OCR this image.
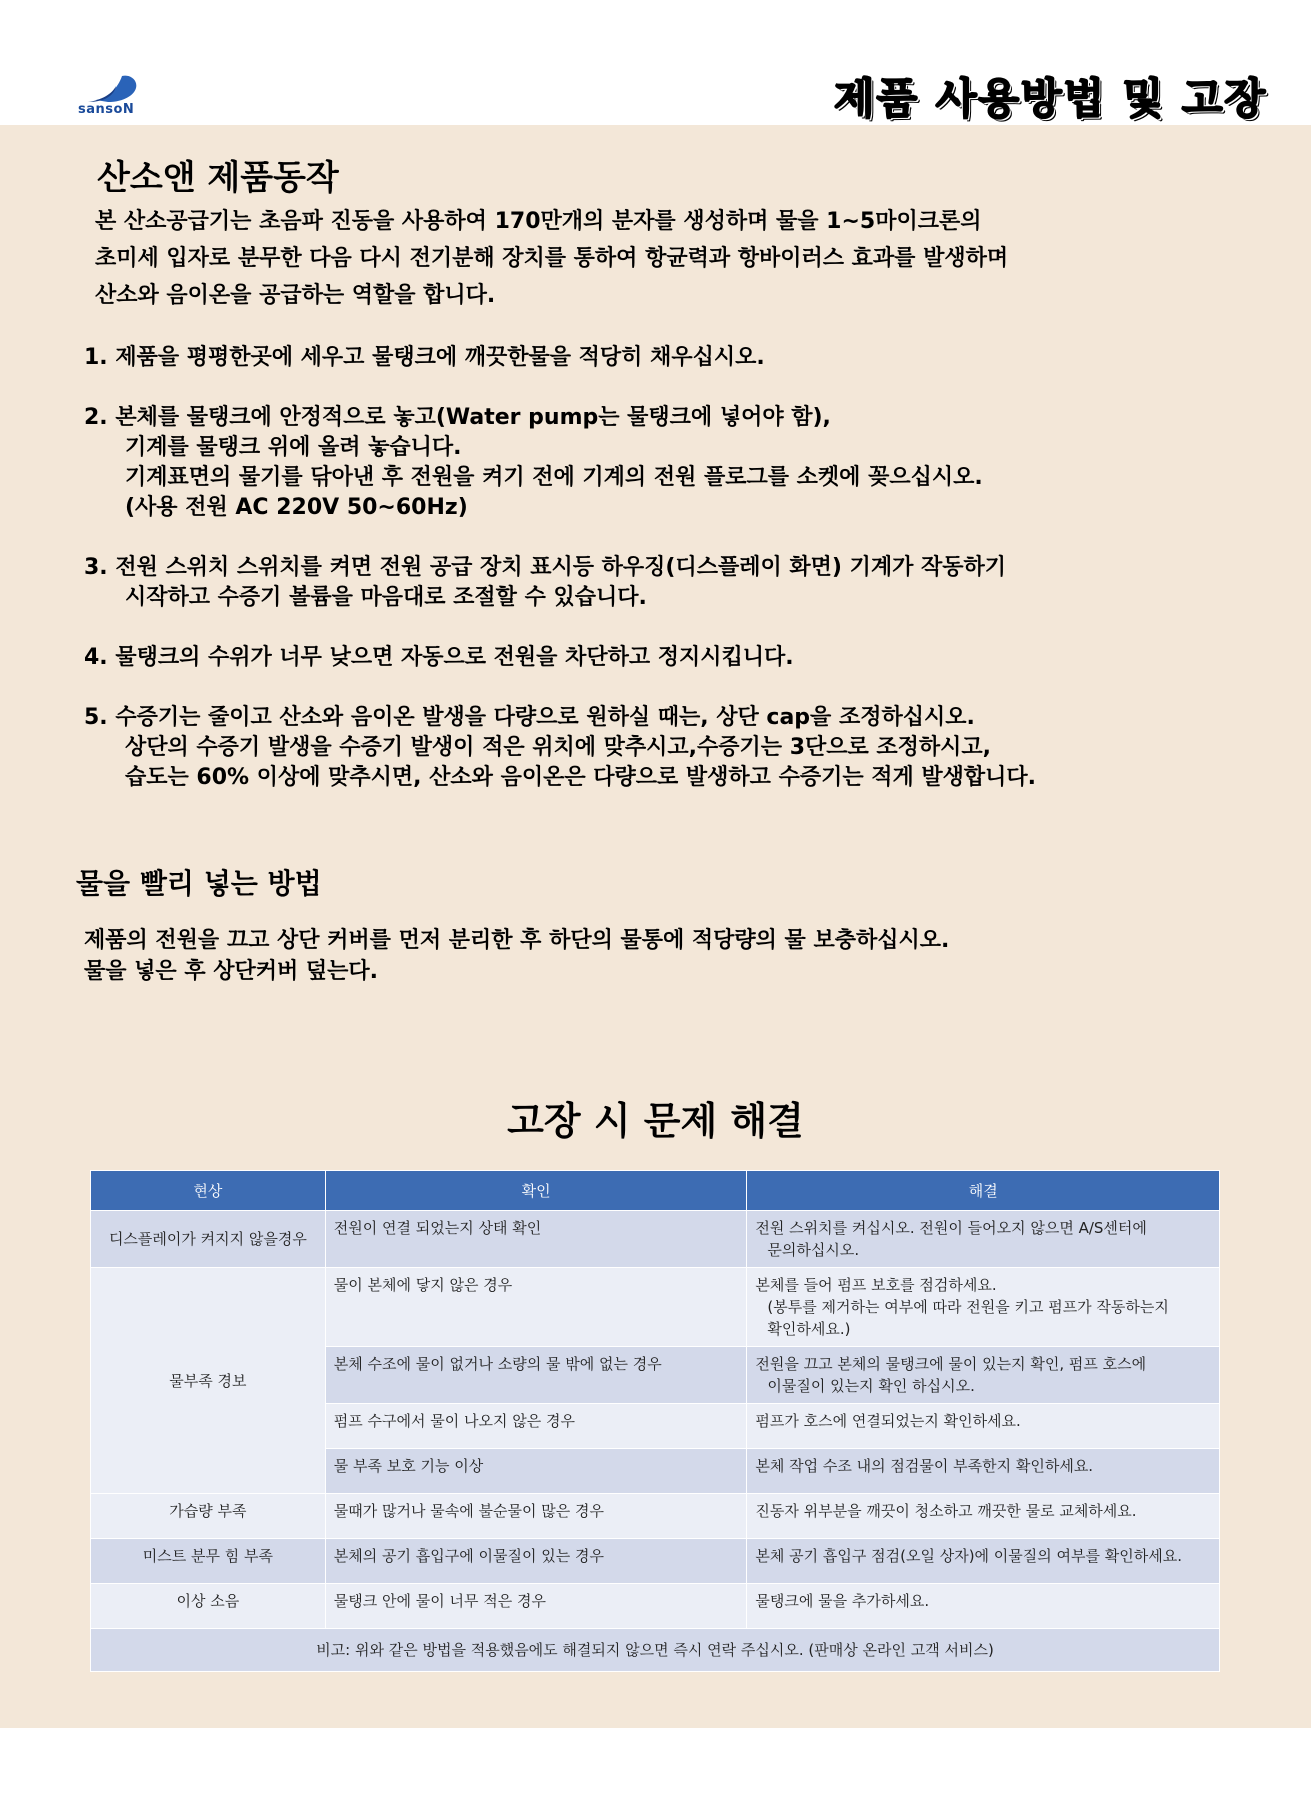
sansoN	제품 사용방법 및 고장
산소앤 제품동작
본 산소공급기는 초음파 진동을 사용하여 170만개의 분자를 생성하며 물을 1~5마이크론의
초미세 입자로 분무한 다음 다시 전기분해 장치를 통하여 항균력과 항바이러스 효과를 발생하며
산소와 음이온을 공급하는 역할을 합니다.
1. 제품을 평평한곳에 세우고 물탱크에 깨끗한물을 적당히 채우십시오.
2. 본체를 물탱크에 안정적으로 놓고(Water pump는 물탱크에 넣어야 함),
기계를 물탱크 위에 올려 놓습니다.
기계표면의 물기를 닦아낸 후 전원을 켜기 전에 기계의 전원 플로그를 소켓에 꽂으십시오.
(사용 전원 AC 220V 50~60Hz)
3. 전원 스위치 스위치를 켜면 전원 공급 장치 표시등 하우징(디스플레이 화면) 기계가 작동하기
시작하고 수증기 볼륨을 마음대로 조절할 수 있습니다.
4. 물탱크의 수위가 너무 낮으면 자동으로 전원을 차단하고 정지시킵니다.
5. 수증기는 줄이고 산소와 음이온 발생을 다량으로 원하실 때는, 상단 cap을 조정하십시오.
상단의 수증기 발생을 수증기 발생이 적은 위치에 맞추시고,수증기는 3단으로 조정하시고,
습도는 60% 이상에 맞추시면, 산소와 음이온은 다량으로 발생하고 수증기는 적게 발생합니다.
물을 빨리 넣는 방법
제품의 전원을 끄고 상단 커버를 먼저 분리한 후 하단의 물통에 적당량의 물 보충하십시오.
물을 넣은 후 상단커버 덮는다.
고장 시 문제 해결
현상	확인	해결
디스플레이가 켜지지 않을경우	전원이 연결 되었는지 상태 확인	전원 스위치를 켜십시오. 전원이 들어오지 않으면 A/S센터에
문의하십시오.

물부족 경보	물이 본체에 닿지 않은 경우	본체를 들어 펌프 보호를 점검하세요.
(봉투를 제거하는 여부에 따라 전원을 키고 펌프가 작동하는지
확인하세요.)

	본체 수조에 물이 없거나 소량의 물 밖에 없는 경우	전원을 끄고 본체의 물탱크에 물이 있는지 확인, 펌프 호스에
이물질이 있는지 확인 하십시오.

	펌프 수구에서 물이 나오지 않은 경우	펌프가 호스에 연결되었는지 확인하세요.
	물 부족 보호 기능 이상	본체 작업 수조 내의 점검물이 부족한지 확인하세요.
가습량 부족	물때가 많거나 물속에 불순물이 많은 경우	진동자 위부분을 깨끗이 청소하고 깨끗한 물로 교체하세요.
미스트 분무 힘 부족	본체의 공기 흡입구에 이물질이 있는 경우	본체 공기 흡입구 점검(오일 상자)에 이물질의 여부를 확인하세요.
이상 소음	물탱크 안에 물이 너무 적은 경우	물탱크에 물을 추가하세요.
비고: 위와 같은 방법을 적용했음에도 해결되지 않으면 즉시 연락 주십시오. (판매상 온라인 고객 서비스)		
